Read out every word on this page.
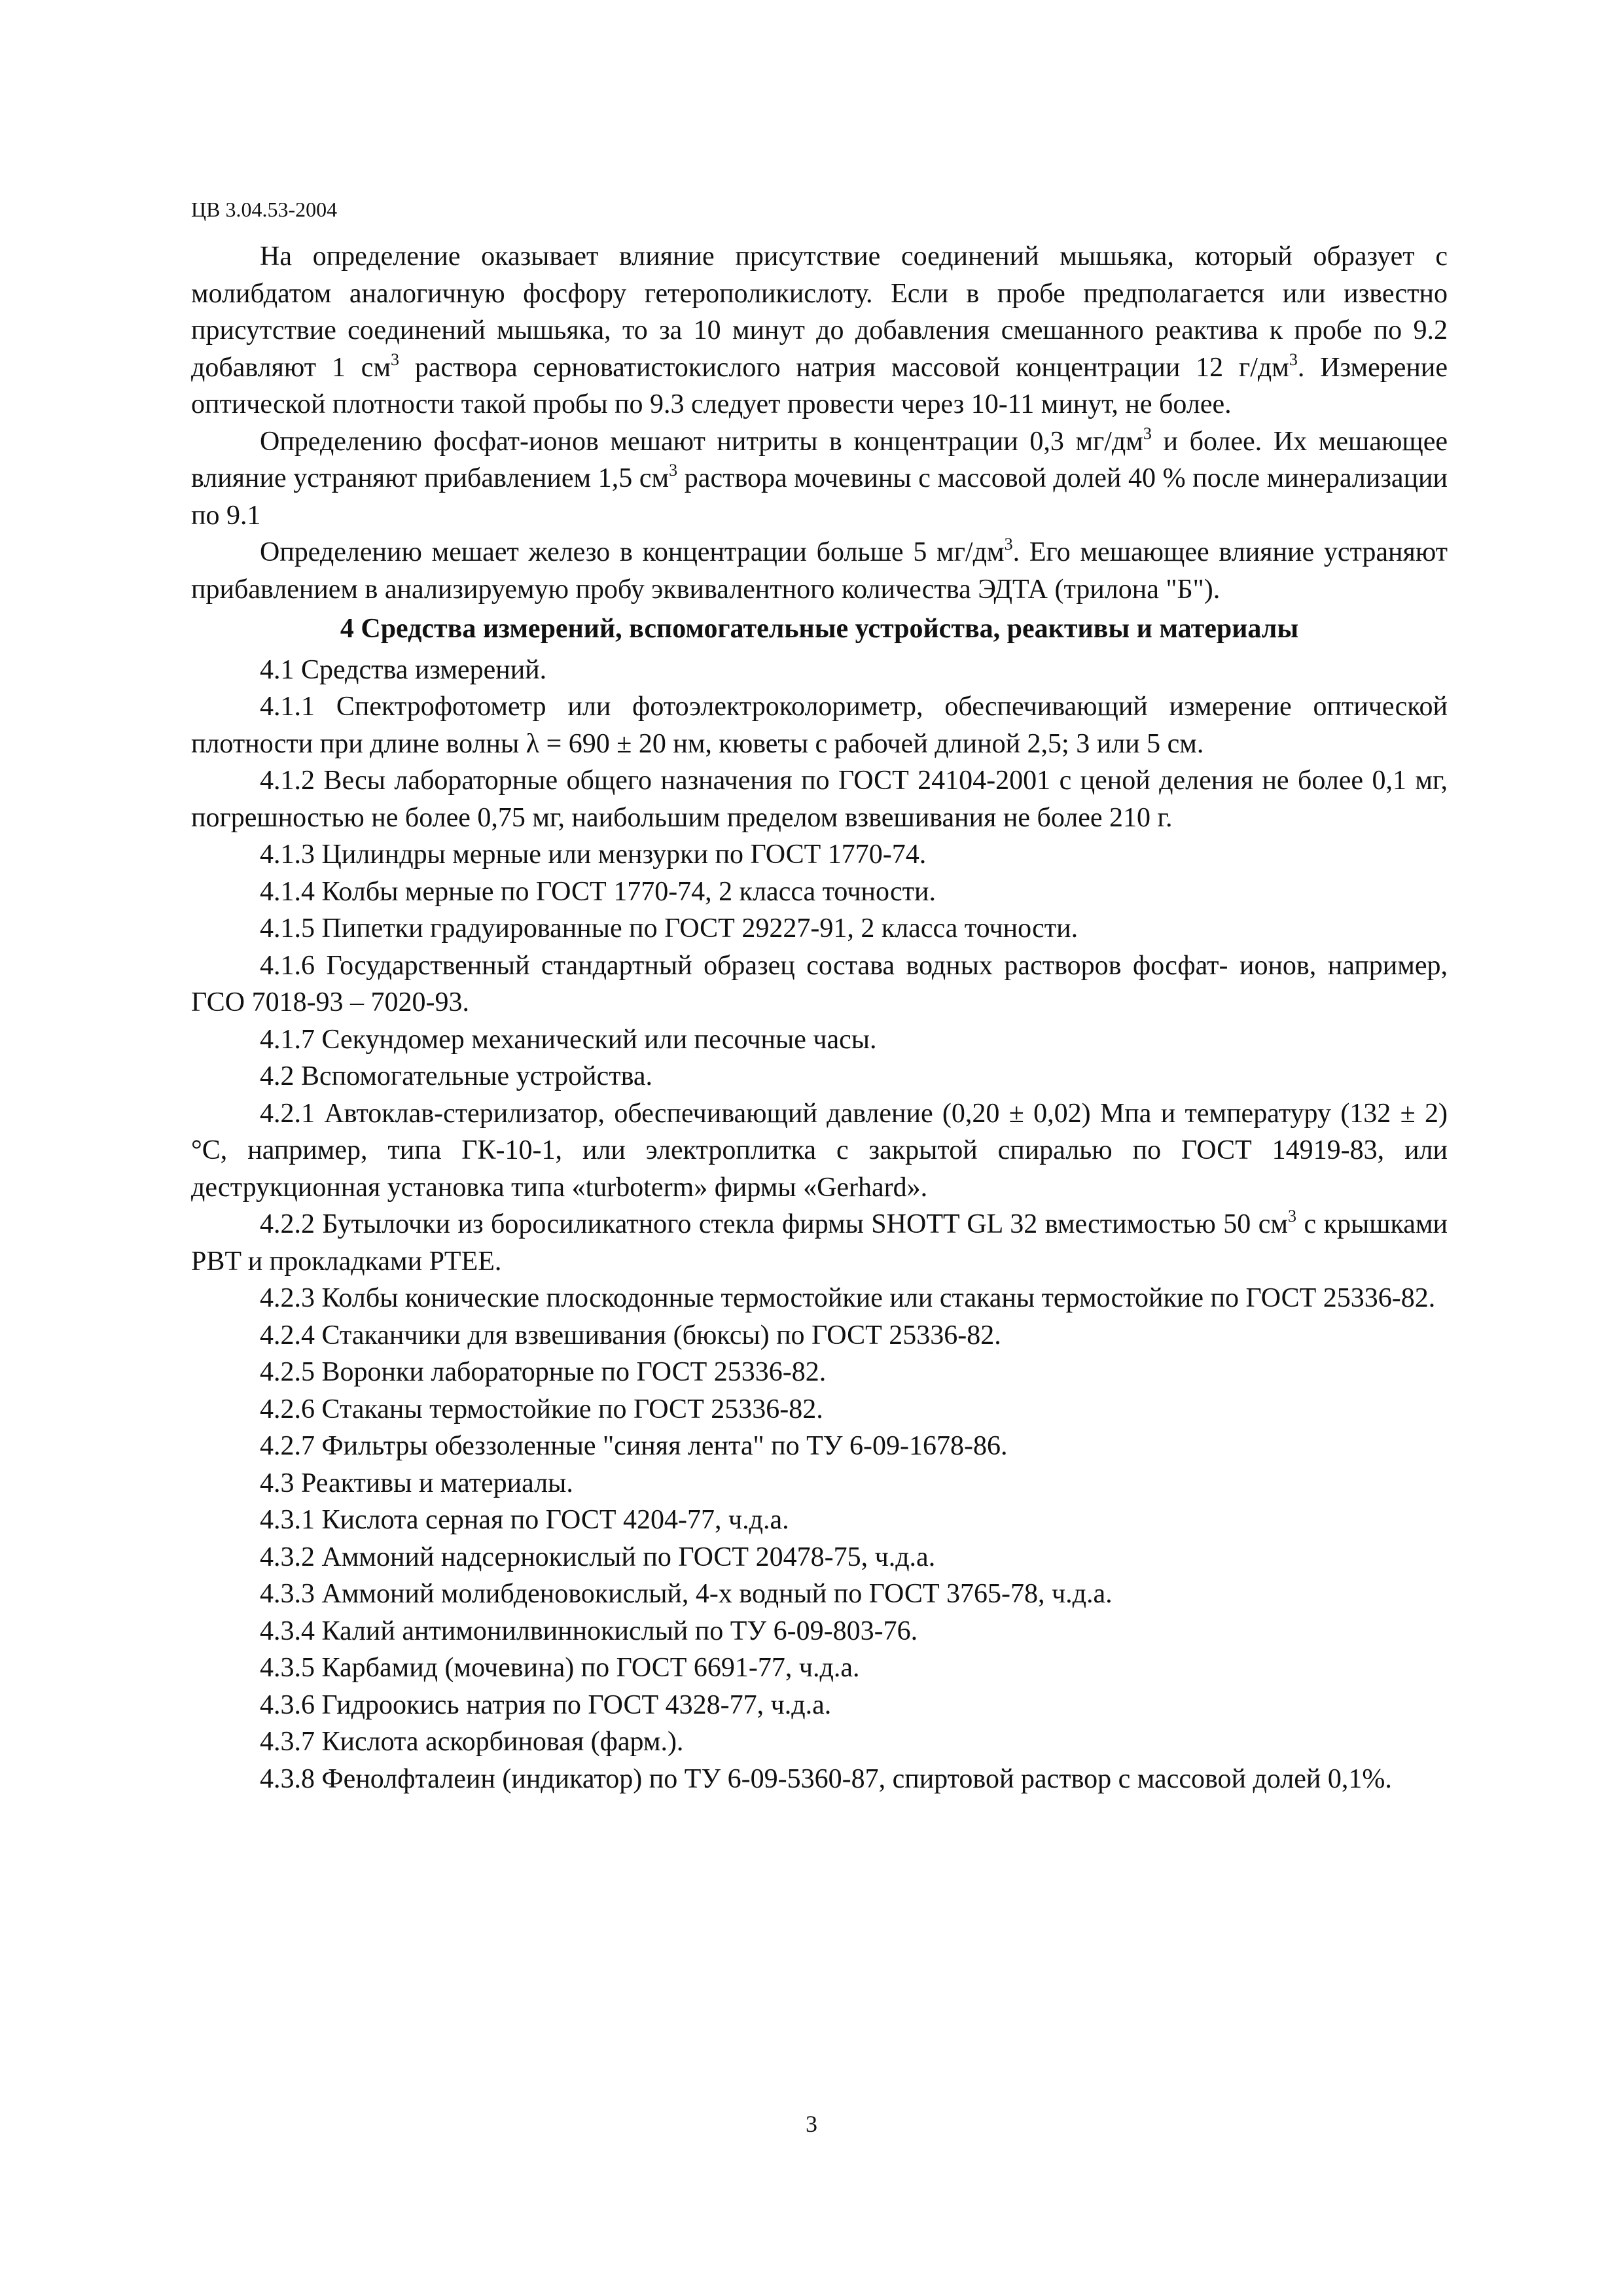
ЦВ 3.04.53-2004

На определение оказывает влияние присутствие соединений мышьяка, который образует с молибдатом аналогичную фосфору гетерополикислоту. Если в пробе предполагается или известно присутствие соединений мышьяка, то за 10 минут до добавления смешанного реактива к пробе по 9.2 добавляют 1 $см^3$ раствора серноватистокислого натрия массовой концентрации 12 $г/дм^3$. Измерение оптической плотности такой пробы по 9.3 следует провести через 10-11 минут, не более.

Определению фосфат-ионов мешают нитриты в концентрации 0,3 $мг/дм^3$ и более. Их мешающее влияние устраняют прибавлением 1,5 $см^3$ раствора мочевины с массовой долей 40 % после минерализации по 9.1

Определению мешает железо в концентрации больше 5 $мг/дм^3$. Его мешающее влияние устраняют прибавлением в анализируемую пробу эквивалентного количества ЭДТА (трилона "Б").

4 Средства измерений, вспомогательные устройства, реактивы и материалы

4.1 Средства измерений.

4.1.1 Спектрофотометр или фотоэлектроколориметр, обеспечивающий измерение оптической плотности при длине волны λ = 690 ± 20 нм, кюветы с рабочей длиной 2,5; 3 или 5 см.

4.1.2 Весы лабораторные общего назначения по ГОСТ 24104-2001 с ценой деления не более 0,1 мг, погрешностью не более 0,75 мг, наибольшим пределом взвешивания не более 210 г.

4.1.3 Цилиндры мерные или мензурки по ГОСТ 1770-74.

4.1.4 Колбы мерные по ГОСТ 1770-74, 2 класса точности.

4.1.5 Пипетки градуированные по ГОСТ 29227-91, 2 класса точности.

4.1.6 Государственный стандартный образец состава водных растворов фосфат- ионов, например, ГСО 7018-93 – 7020-93.

4.1.7 Секундомер механический или песочные часы.

4.2 Вспомогательные устройства.

4.2.1 Автоклав-стерилизатор, обеспечивающий давление (0,20 ± 0,02) Мпа и температуру (132 ± 2) °С, например, типа ГК-10-1, или электроплитка с закрытой спиралью по ГОСТ 14919-83, или деструкционная установка типа «turboterm» фирмы «Gerhard».

4.2.2 Бутылочки из боросиликатного стекла фирмы SHOTT GL 32 вместимостью 50 $см^3$ с крышками PBT и прокладками PTEE.

4.2.3 Колбы конические плоскодонные термостойкие или стаканы термостойкие по ГОСТ 25336-82.

4.2.4 Стаканчики для взвешивания (бюксы) по ГОСТ 25336-82.

4.2.5 Воронки лабораторные по ГОСТ 25336-82.

4.2.6 Стаканы термостойкие по ГОСТ 25336-82.

4.2.7 Фильтры обеззоленные "синяя лента" по ТУ 6-09-1678-86.

4.3 Реактивы и материалы.

4.3.1 Кислота серная по ГОСТ 4204-77, ч.д.а.

4.3.2 Аммоний надсернокислый по ГОСТ 20478-75, ч.д.а.

4.3.3 Аммоний молибденовокислый, 4-х водный по ГОСТ 3765-78, ч.д.а.

4.3.4 Калий антимонилвиннокислый по ТУ 6-09-803-76.

4.3.5 Карбамид (мочевина) по ГОСТ 6691-77, ч.д.а.

4.3.6 Гидроокись натрия по ГОСТ 4328-77, ч.д.а.

4.3.7 Кислота аскорбиновая (фарм.).

4.3.8 Фенолфталеин (индикатор) по ТУ 6-09-5360-87, спиртовой раствор с массовой долей 0,1%.

3
